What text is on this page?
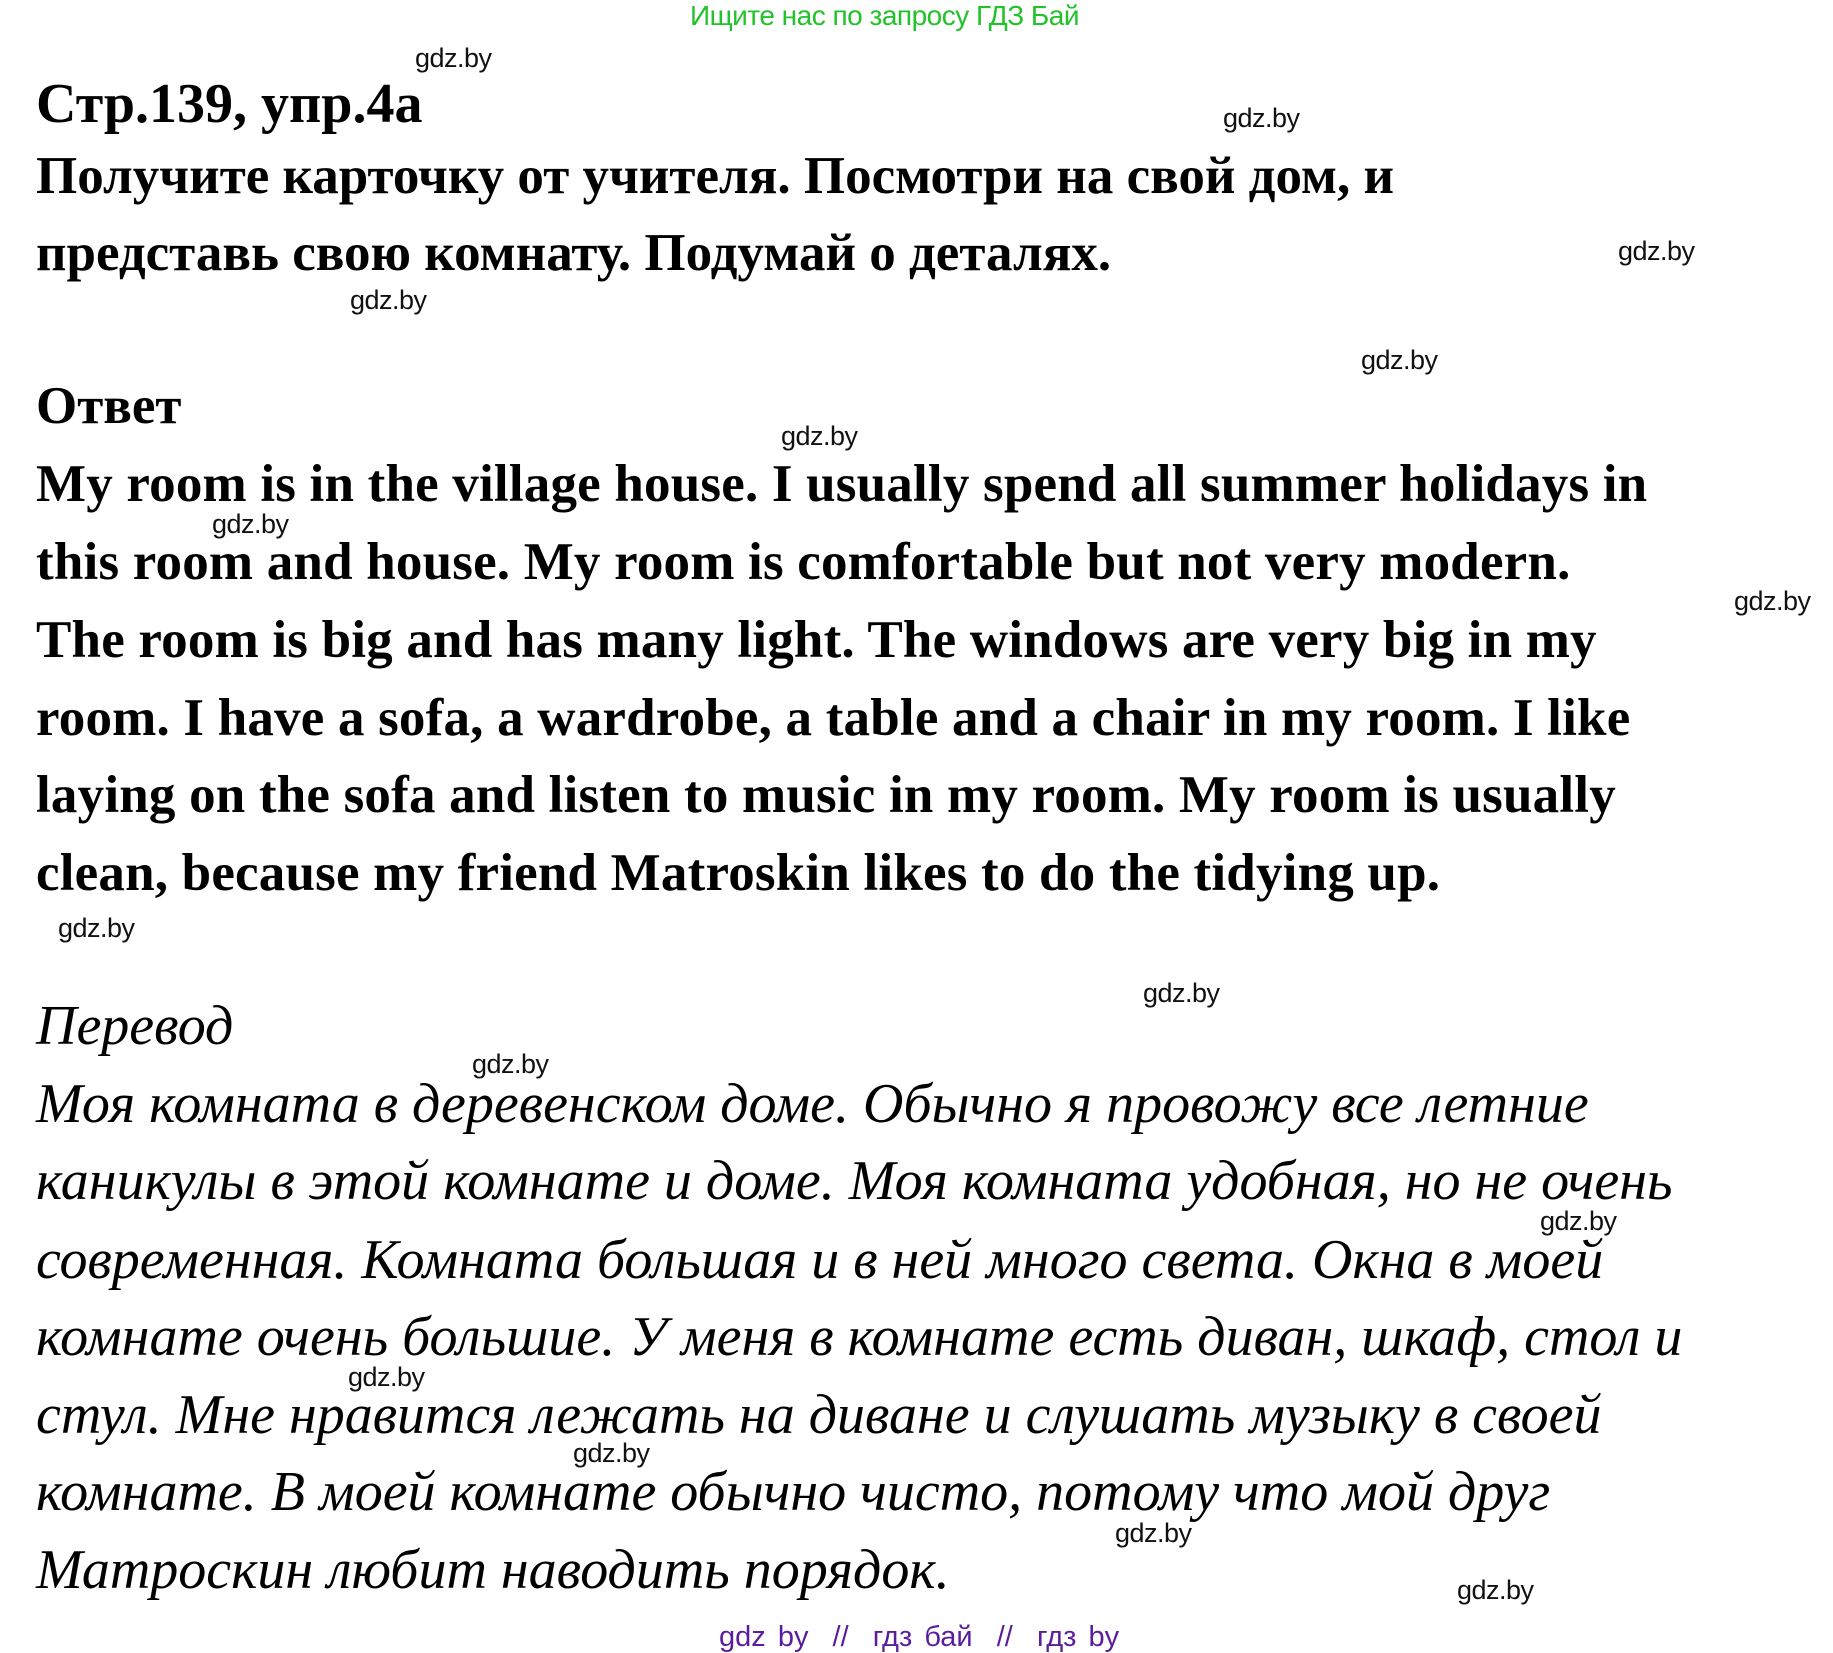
Ищите нас по запросу ГДЗ Бай
Стр.139, упр.4а
Получите карточку от учителя. Посмотри на свой дом, и
представь свою комнату. Подумай о деталях.
Ответ
My room is in the village house. I usually spend all summer holidays in
this room and house. My room is comfortable but not very modern.
The room is big and has many light. The windows are very big in my
room. I have a sofa, a wardrobe, a table and a chair in my room. I like
laying on the sofa and listen to music in my room. My room is usually
clean, because my friend Matroskin likes to do the tidying up.
Перевод
Моя комната в деревенском доме. Обычно я провожу все летние
каникулы в этой комнате и доме. Моя комната удобная, но не очень
современная. Комната большая и в ней много света. Окна в моей
комнате очень большие. У меня в комнате есть диван, шкаф, стол и
стул. Мне нравится лежать на диване и слушать музыку в своей
комнате. В моей комнате обычно чисто, потому что мой друг
Матроскин любит наводить порядок.
gdz.by
gdz.by
gdz.by
gdz.by
gdz.by
gdz.by
gdz.by
gdz.by
gdz.by
gdz.by
gdz.by
gdz.by
gdz.by
gdz.by
gdz.by
gdz.by
gdz by  //  гдз бай  //  гдз by
